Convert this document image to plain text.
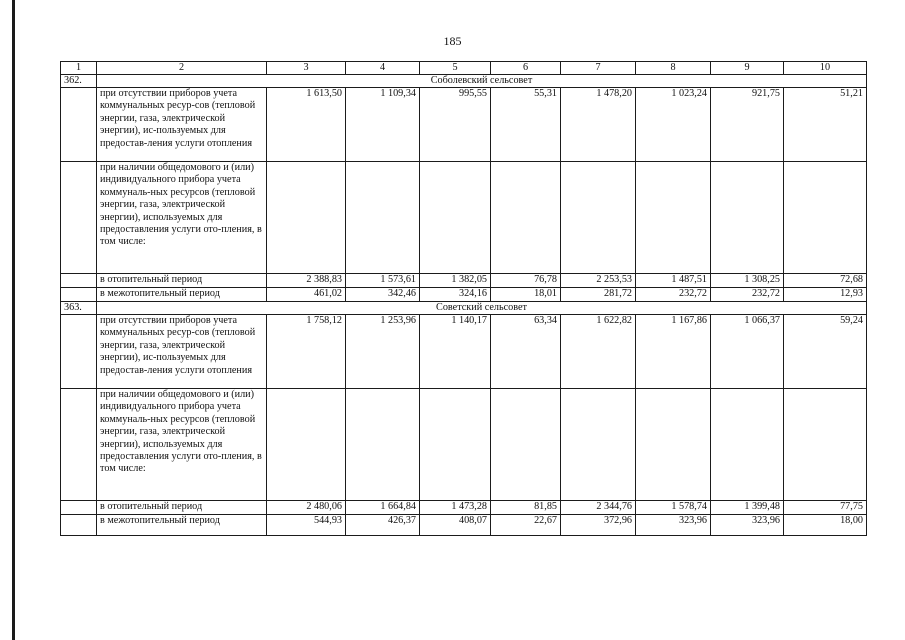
185
1	2	3	4	5	6	7	8	9	10
362.	Соболевский сельсовет								
	при отсутствии приборов учета коммунальных ресур-сов (тепловой энергии, газа, электрической энергии), ис-пользуемых для предостав-ления услуги отопления	1 613,50	1 109,34	995,55	55,31	1 478,20	1 023,24	921,75	51,21
	при наличии общедомового и (или) индивидуального прибора учета коммуналь-ных ресурсов (тепловой энергии, газа, электрической энергии), используемых для предоставления услуги ото-пления, в том числе:								
	в отопительный период	2 388,83	1 573,61	1 382,05	76,78	2 253,53	1 487,51	1 308,25	72,68
	в межотопительный период	461,02	342,46	324,16	18,01	281,72	232,72	232,72	12,93
363.	Советский сельсовет								
	при отсутствии приборов учета коммунальных ресур-сов (тепловой энергии, газа, электрической энергии), ис-пользуемых для предостав-ления услуги отопления	1 758,12	1 253,96	1 140,17	63,34	1 622,82	1 167,86	1 066,37	59,24
	при наличии общедомового и (или) индивидуального прибора учета коммуналь-ных ресурсов (тепловой энергии, газа, электрической энергии), используемых для предоставления услуги ото-пления, в том числе:								
	в отопительный период	2 480,06	1 664,84	1 473,28	81,85	2 344,76	1 578,74	1 399,48	77,75
	в межотопительный период	544,93	426,37	408,07	22,67	372,96	323,96	323,96	18,00
